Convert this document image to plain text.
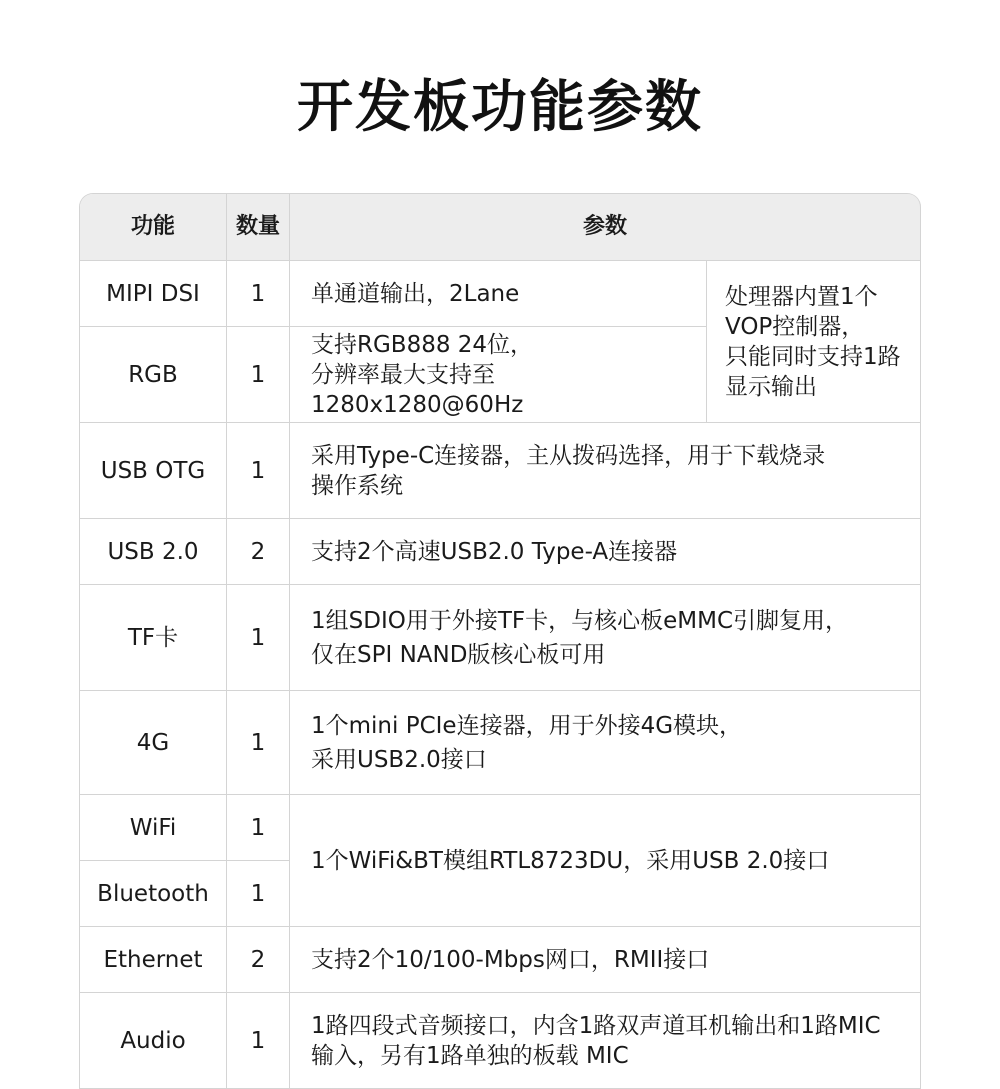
开发板功能参数
功能	数量	参数	
MIPI DSI	1	单通道输出，2Lane	处理器内置1个
VOP控制器，
只能同时支持1路
显示输出
RGB	1	支持RGB888 24位，
分辨率最大支持至1280x1280@60Hz	
USB OTG	1	采用Type-C连接器，主从拨码选择，用于下载烧录
操作系统	
USB 2.0	2	支持2个高速USB2.0 Type-A连接器	
TF卡	1	1组SDIO用于外接TF卡，与核心板eMMC引脚复用，
仅在SPI NAND版核心板可用	
4G	1	1个mini PCIe连接器，用于外接4G模块，
采用USB2.0接口	
WiFi	1	1个WiFi&BT模组RTL8723DU，采用USB 2.0接口	
Bluetooth	1		
Ethernet	2	支持2个10/100-Mbps网口，RMII接口	
Audio	1	1路四段式音频接口，内含1路双声道耳机输出和1路MIC
输入，另有1路单独的板载 MIC	
